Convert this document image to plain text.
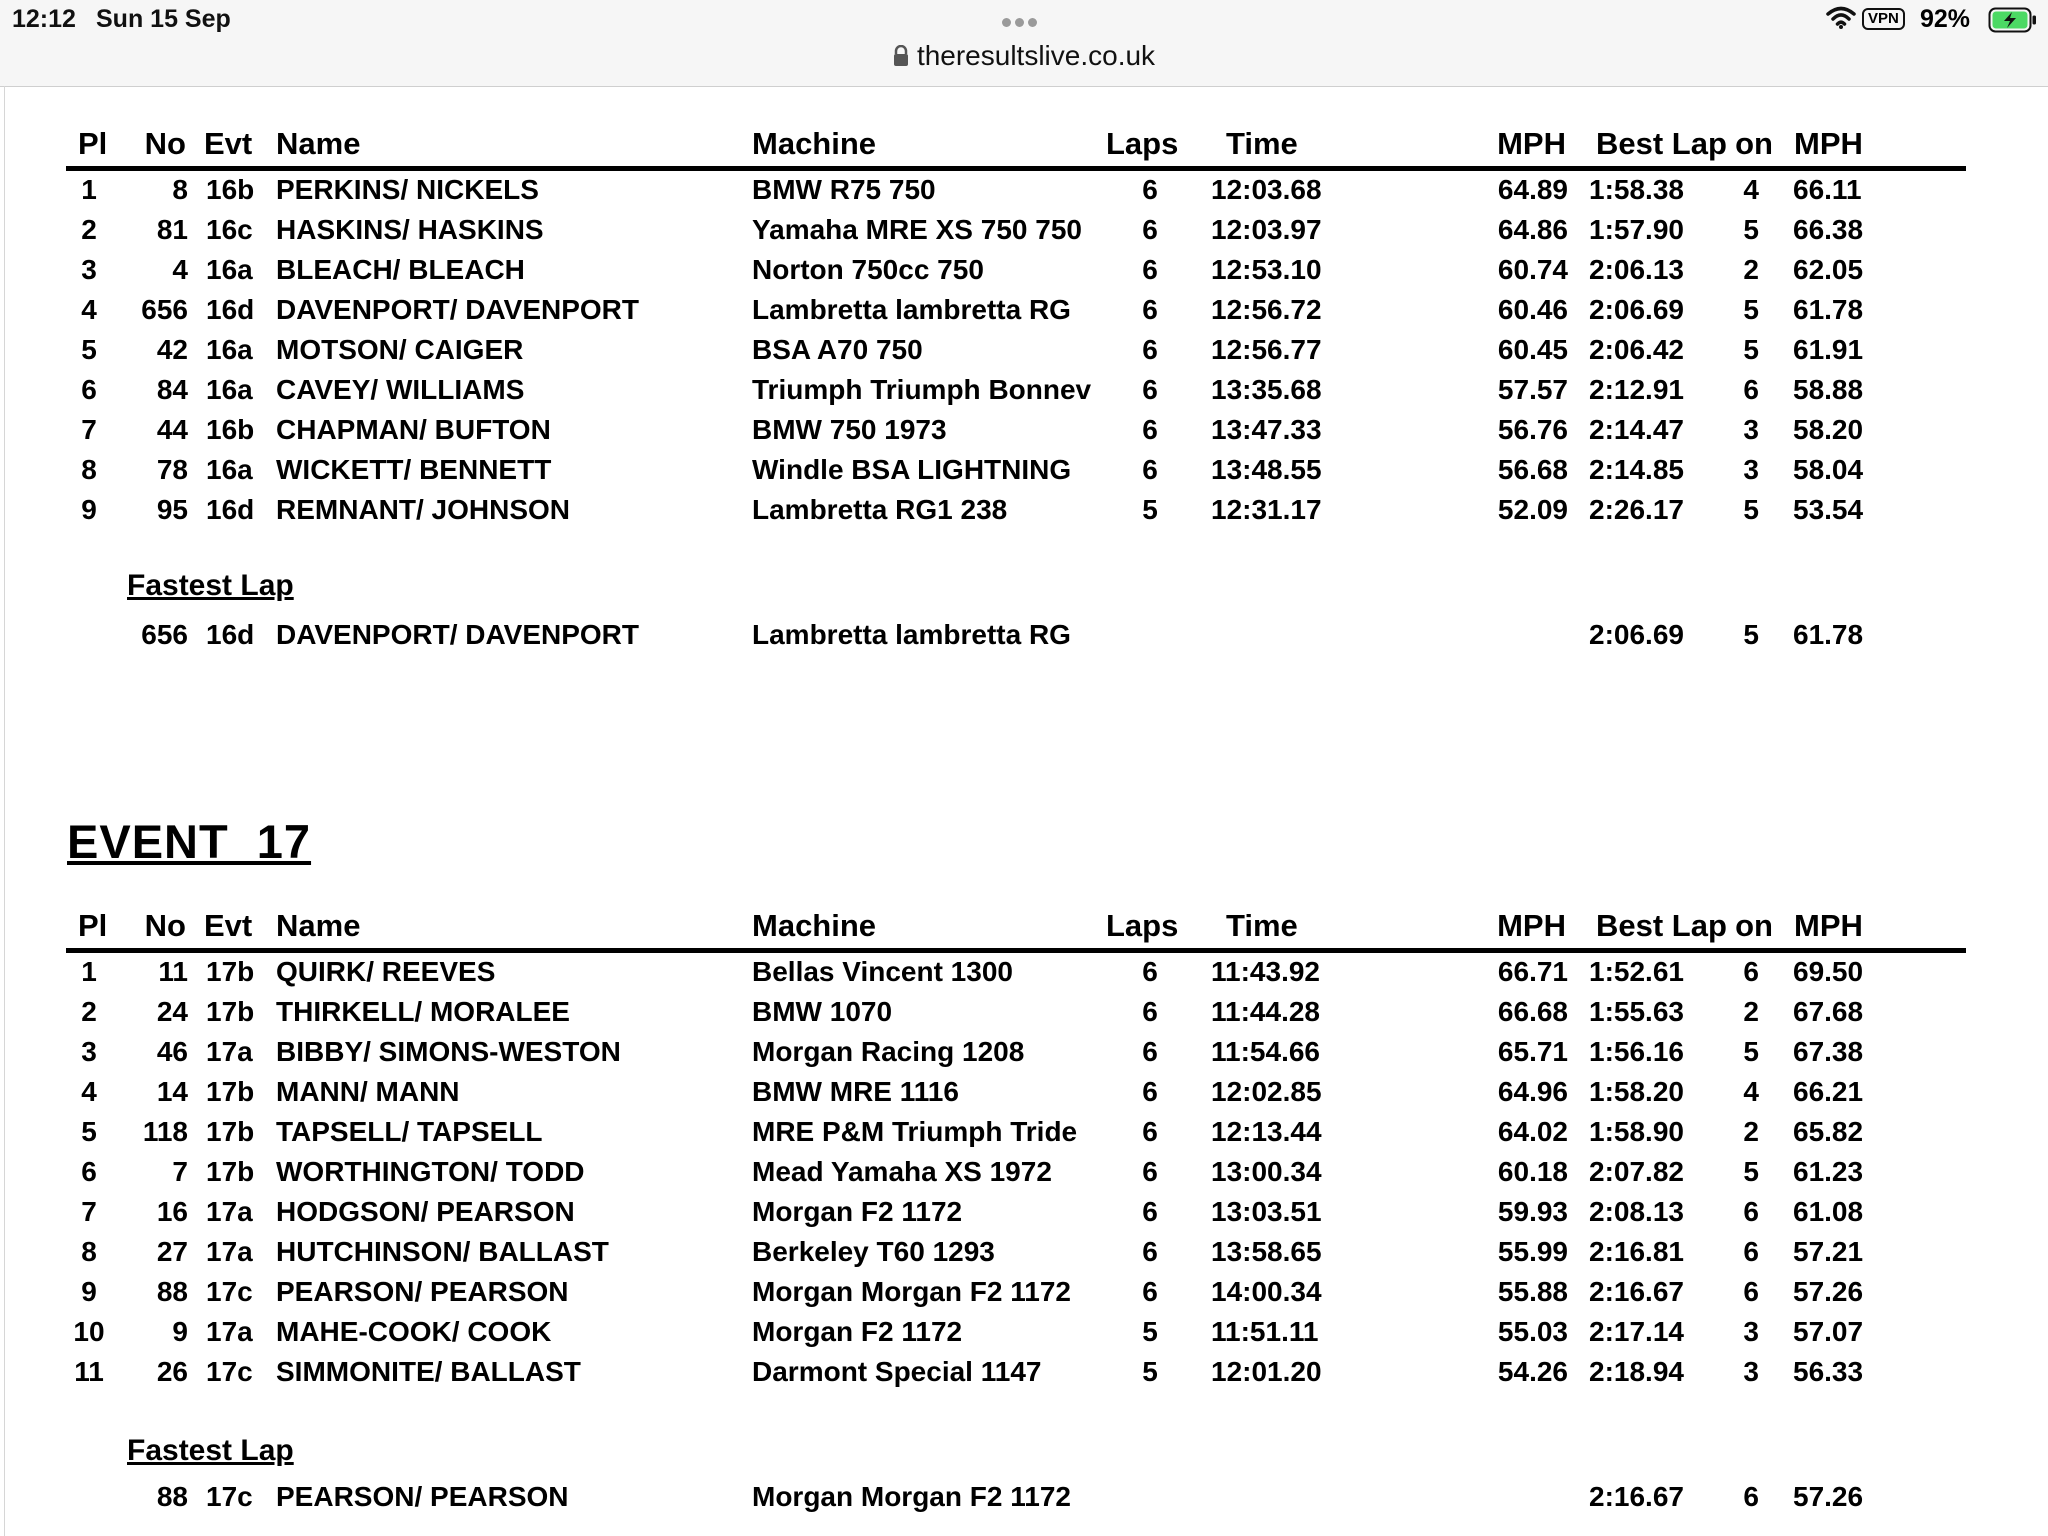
12:12 Sun 15 Sep
theresultslive.co.uk
VPN 92%
Pl No Evt Name	Machine	Laps Time	MPH Best Lap on MPH
1	8 16b PERKINS/ NICKELS	BMW R75 750	6	12:03.68	64.89 1:58.38 4 66.11
2	81 16c HASKINS/ HASKINS	Yamaha MRE XS 750 750	6	12:03.97	64.86 1:57.90 5 66.38
3	4 16a BLEACH/ BLEACH	Norton 750cc 750	6	12:53.10	60.74 2:06.13 2 62.05
4	656 16d DAVENPORT/ DAVENPORT	Lambretta lambretta RG	6	12:56.72	60.46 2:06.69 5 61.78
5	42 16a MOTSON/ CAIGER	BSA A70 750	6	12:56.77	60.45 2:06.42 5 61.91
6	84 16a CAVEY/ WILLIAMS	Triumph Triumph Bonnev	6	13:35.68	57.57 2:12.91 6 58.88
7	44 16b CHAPMAN/ BUFTON	BMW 750 1973	6	13:47.33	56.76 2:14.47 3 58.20
8	78 16a WICKETT/ BENNETT	Windle BSA LIGHTNING	6	13:48.55	56.68 2:14.85 3 58.04
9	95 16d REMNANT/ JOHNSON	Lambretta RG1 238	5	12:31.17	52.09 2:26.17 5 53.54
Fastest Lap
656 16d DAVENPORT/ DAVENPORT	Lambretta lambretta RG	2:06.69 5 61.78
EVENT 17
Pl No Evt Name	Machine	Laps Time	MPH Best Lap on MPH
1	11 17b QUIRK/ REEVES	Bellas Vincent 1300	6	11:43.92	66.71 1:52.61 6 69.50
2	24 17b THIRKELL/ MORALEE	BMW 1070	6	11:44.28	66.68 1:55.63 2 67.68
3	46 17a BIBBY/ SIMONS-WESTON	Morgan Racing 1208	6	11:54.66	65.71 1:56.16 5 67.38
4	14 17b MANN/ MANN	BMW MRE 1116	6	12:02.85	64.96 1:58.20 4 66.21
5	118 17b TAPSELL/ TAPSELL	MRE P&M Triumph Tride	6	12:13.44	64.02 1:58.90 2 65.82
6	7 17b WORTHINGTON/ TODD	Mead Yamaha XS 1972	6	13:00.34	60.18 2:07.82 5 61.23
7	16 17a HODGSON/ PEARSON	Morgan F2 1172	6	13:03.51	59.93 2:08.13 6 61.08
8	27 17a HUTCHINSON/ BALLAST	Berkeley T60 1293	6	13:58.65	55.99 2:16.81 6 57.21
9	88 17c PEARSON/ PEARSON	Morgan Morgan F2 1172	6	14:00.34	55.88 2:16.67 6 57.26
10 9 17a MAHE-COOK/ COOK	Morgan F2 1172	5	11:51.11	55.03 2:17.14 3 57.07
11 26 17c SIMMONITE/ BALLAST	Darmont Special 1147	5	12:01.20	54.26 2:18.94 3 56.33
Fastest Lap
88 17c PEARSON/ PEARSON	Morgan Morgan F2 1172	2:16.67 6 57.26
